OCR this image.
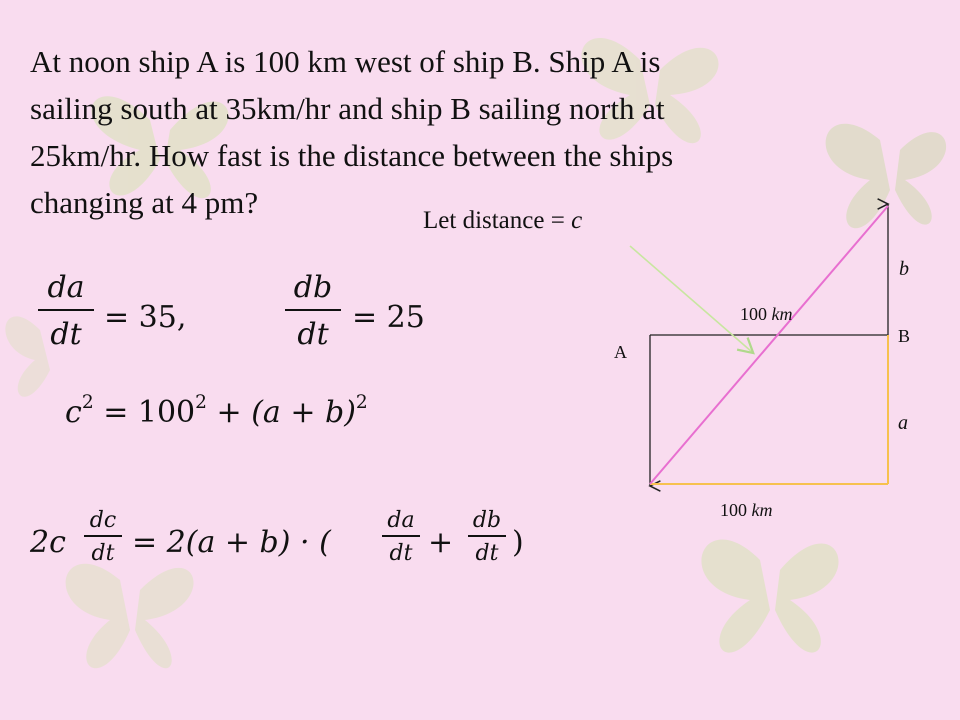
At noon ship A is 100 km west of ship B. Ship A is
sailing south at 35km/hr and ship B sailing north at
25km/hr. How fast is the distance between the ships
changing at 4 pm?
da
dt = 35,
db
dt = 25
$c^2 = 100^2 + (a + b)^2$
2c
dc
dt = 2(a + b) · (
da
dt +
db
dt )
Let distance = c
A
B
a
b
100 km
100 km
